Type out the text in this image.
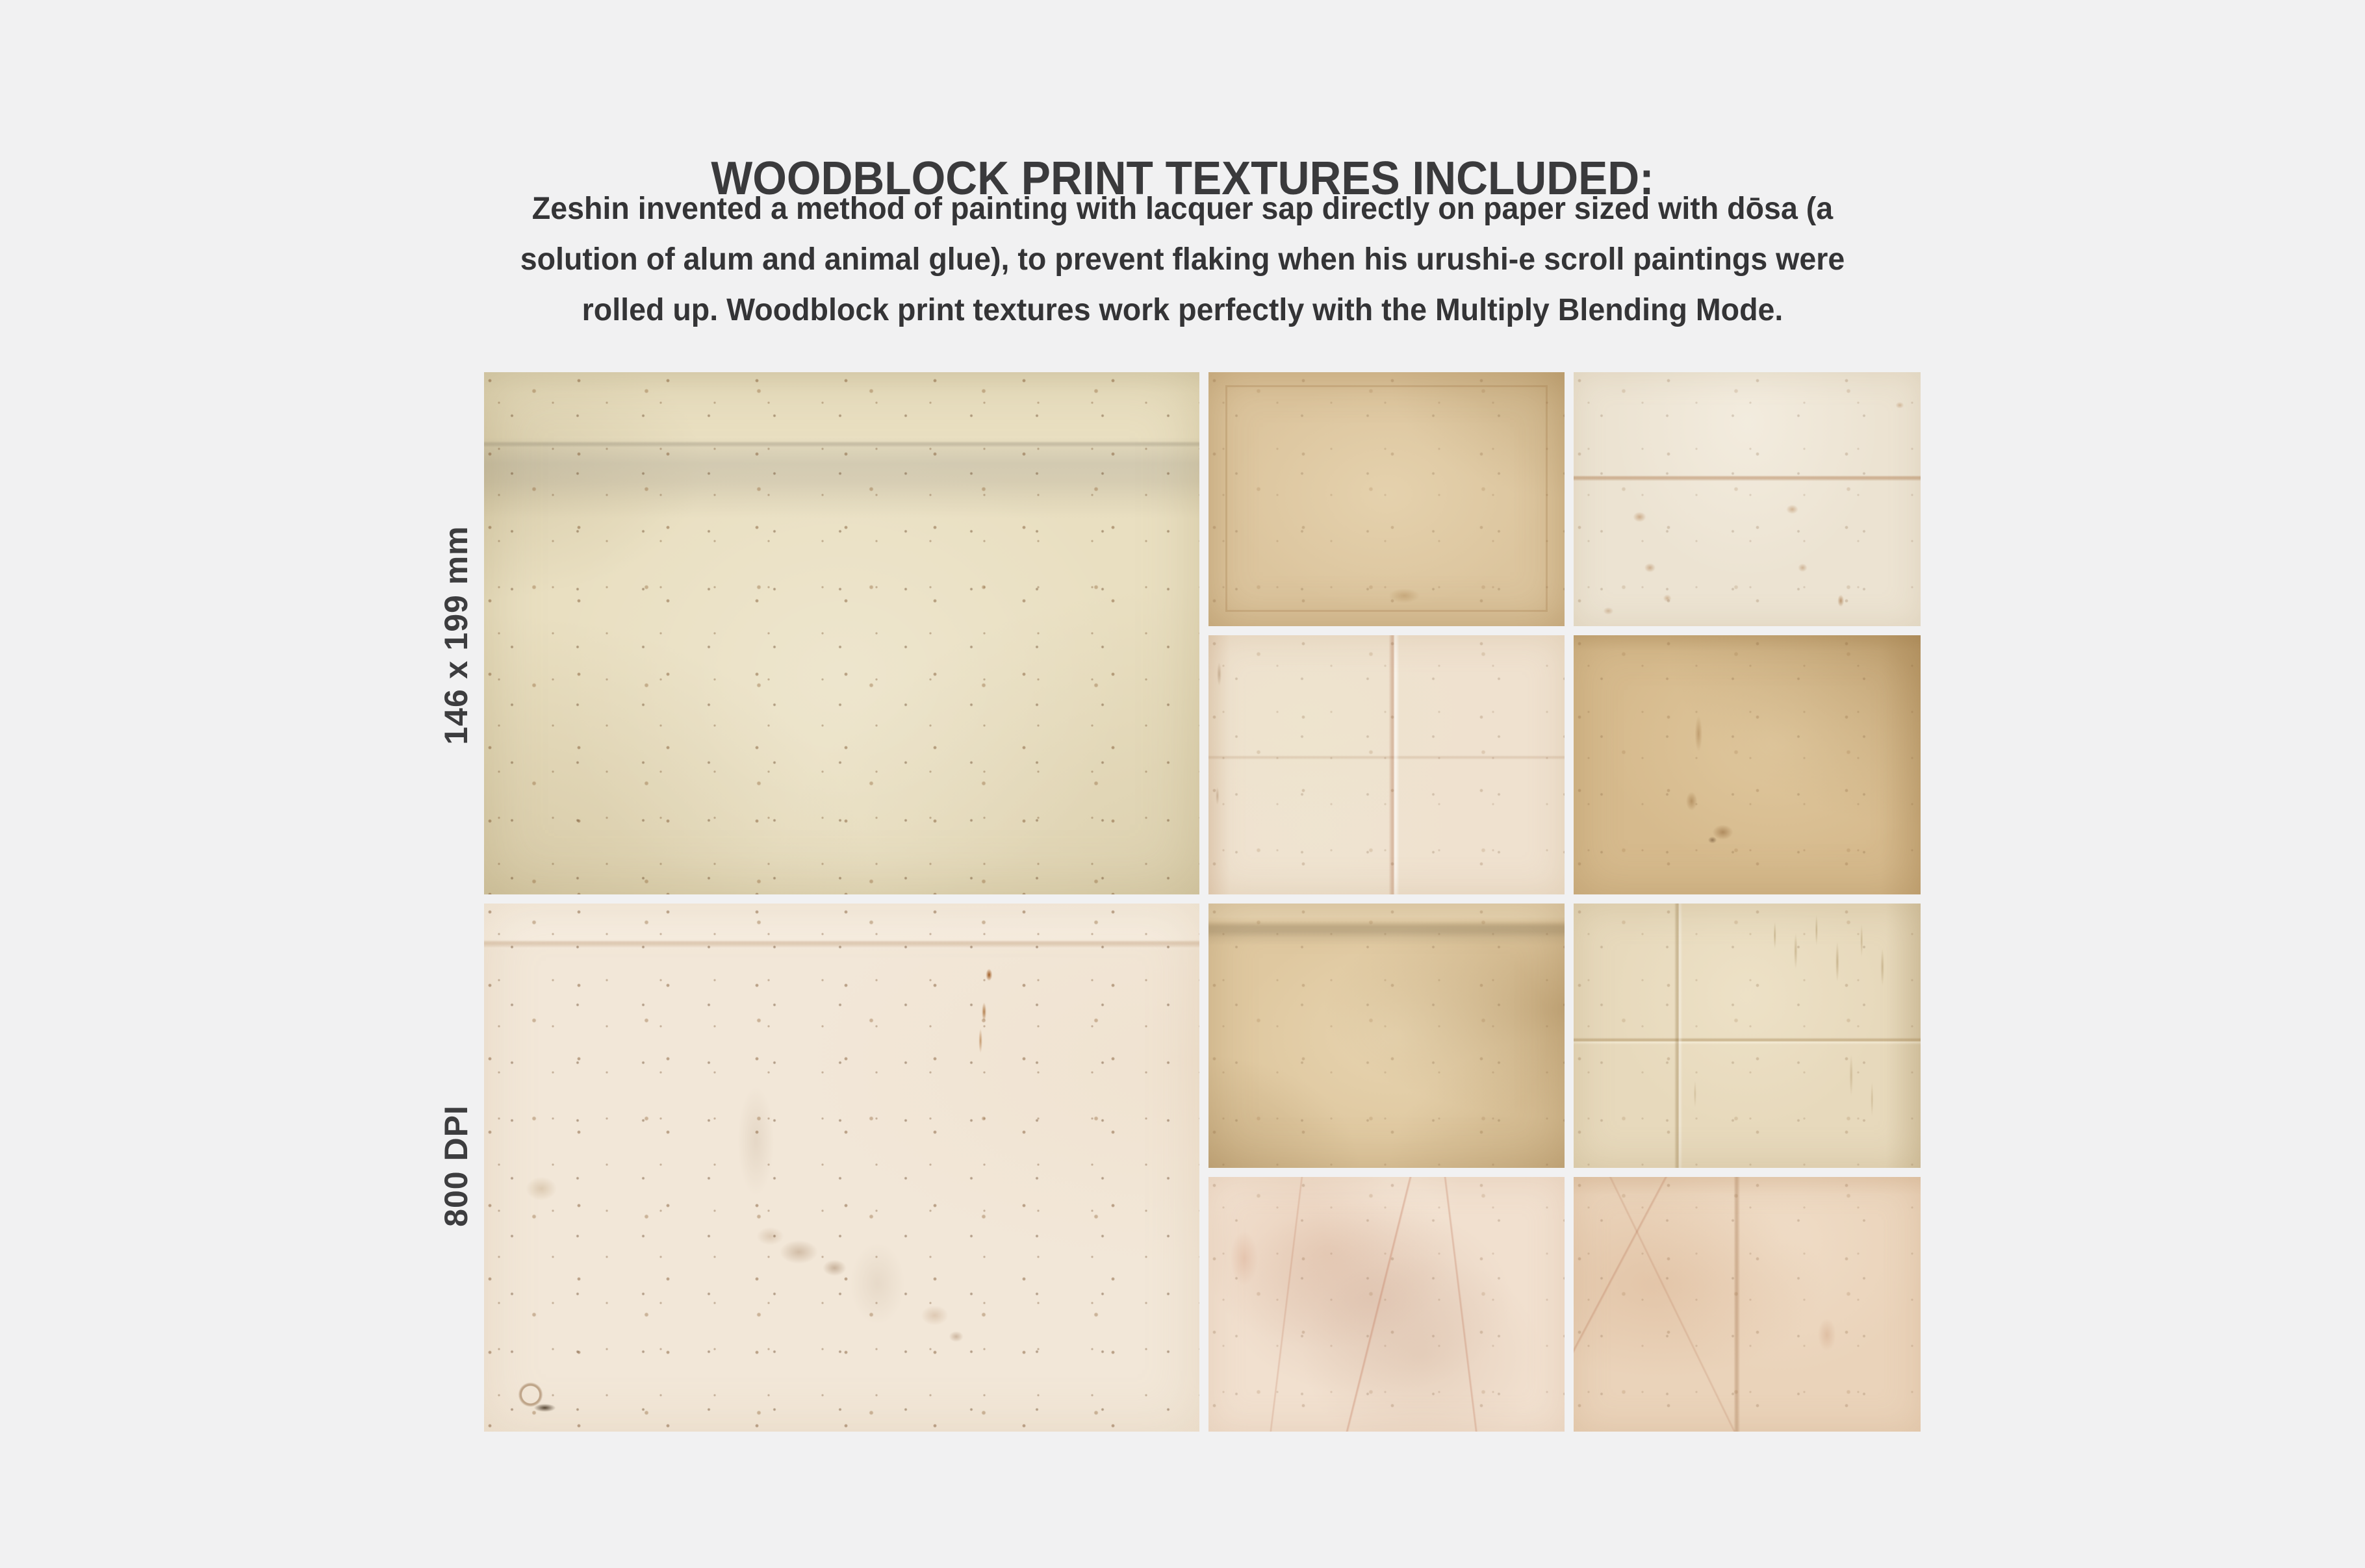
WOODBLOCK PRINT TEXTURES INCLUDED:
Zeshin invented a method of painting with lacquer sap directly on paper sized with dōsa (a
solution of alum and animal glue), to prevent flaking when his urushi-e scroll paintings were
rolled up. Woodblock print textures work perfectly with the Multiply Blending Mode.
146 x 199 mm
800 DPI
